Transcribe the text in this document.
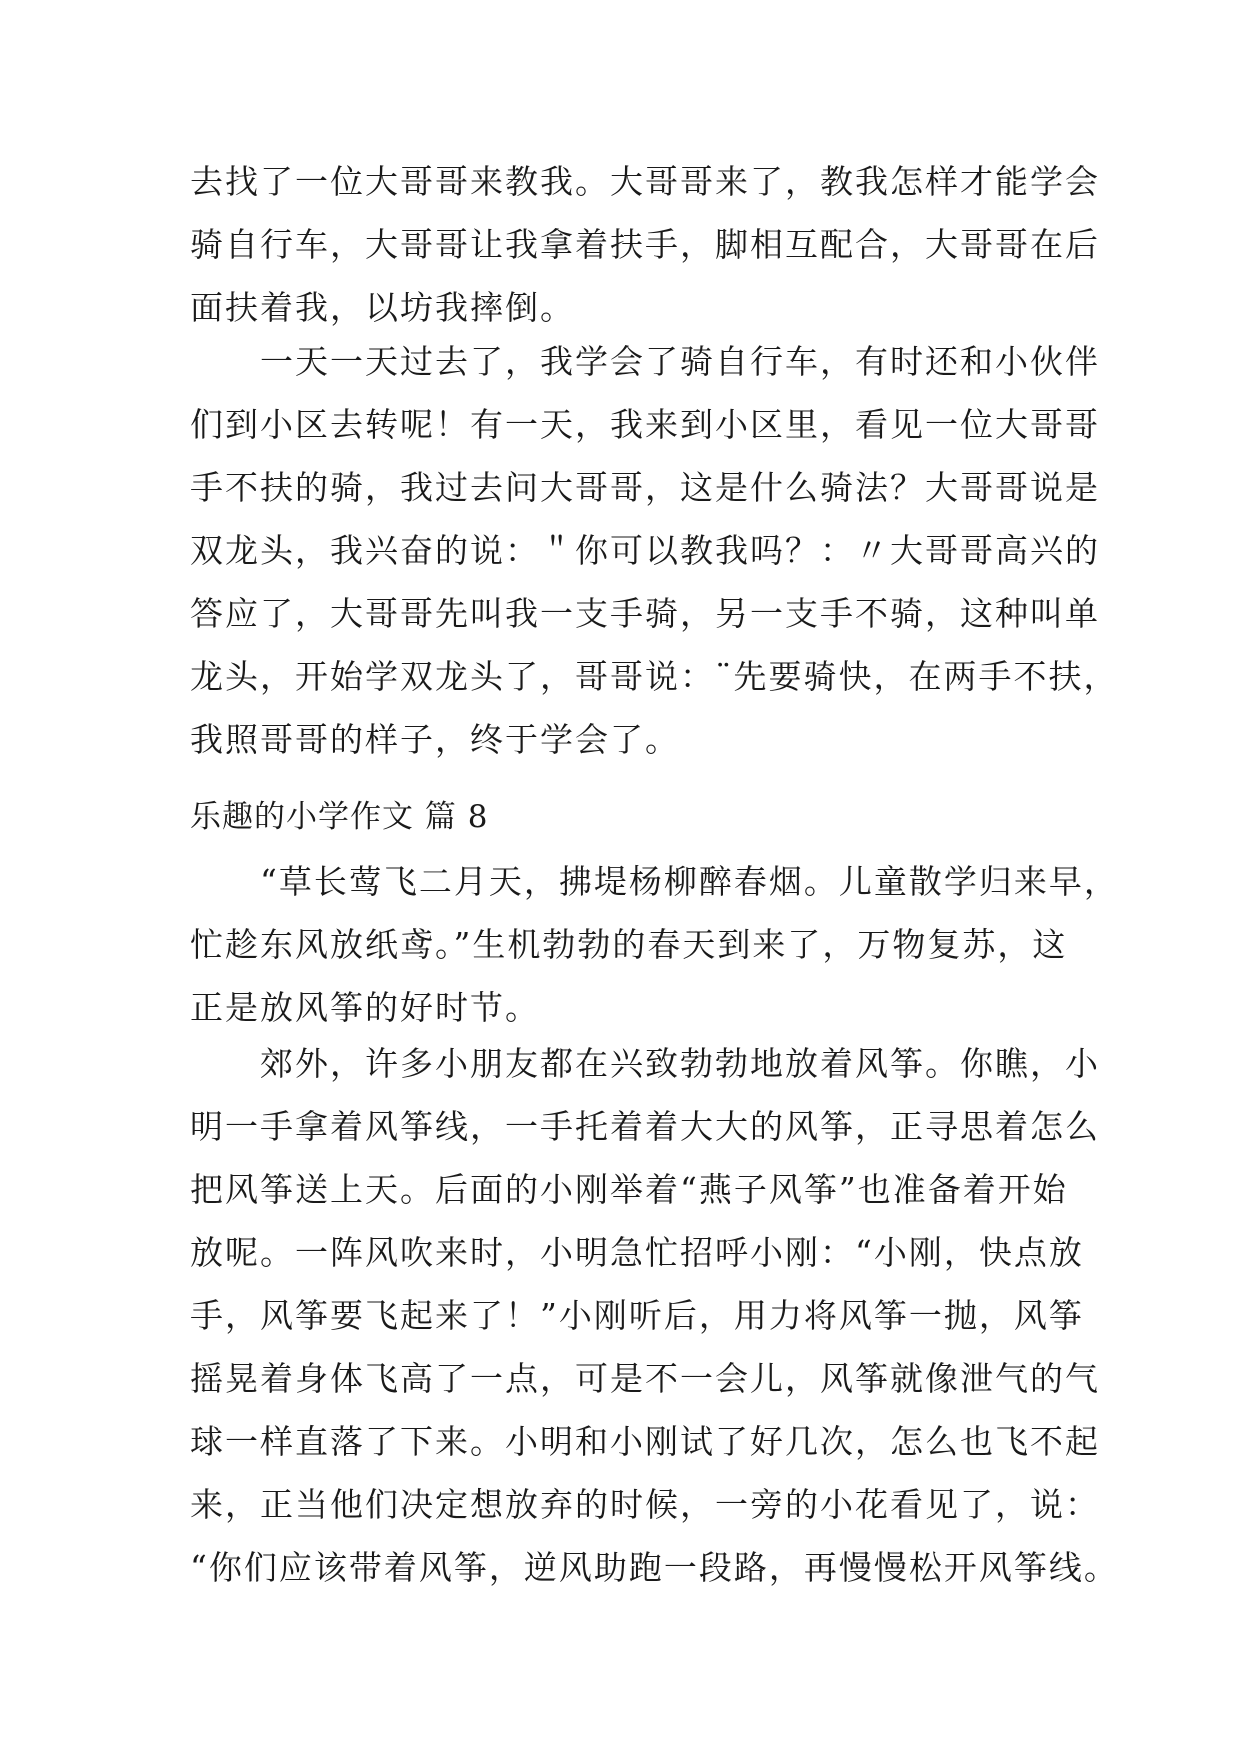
去找了一位大哥哥来教我。大哥哥来了，教我怎样才能学会
骑自行车，大哥哥让我拿着扶手，脚相互配合，大哥哥在后
面扶着我，以坊我摔倒。
　　一天一天过去了，我学会了骑自行车，有时还和小伙伴
们到小区去转呢！有一天，我来到小区里，看见一位大哥哥
手不扶的骑，我过去问大哥哥，这是什么骑法？大哥哥说是
双龙头，我兴奋的说：＂你可以教我吗？：〃大哥哥高兴的
答应了，大哥哥先叫我一支手骑，另一支手不骑，这种叫单
龙头，开始学双龙头了，哥哥说：¨先要骑快，在两手不扶，
我照哥哥的样子，终于学会了。
乐趣的小学作文 篇 8
　　“草长莺飞二月天，拂堤杨柳醉春烟。儿童散学归来早，
忙趁东风放纸鸢。”生机勃勃的春天到来了，万物复苏，这
正是放风筝的好时节。
　　郊外，许多小朋友都在兴致勃勃地放着风筝。你瞧，小
明一手拿着风筝线，一手托着着大大的风筝，正寻思着怎么
把风筝送上天。后面的小刚举着“燕子风筝”也准备着开始
放呢。一阵风吹来时，小明急忙招呼小刚：“小刚，快点放
手，风筝要飞起来了！”小刚听后，用力将风筝一抛，风筝
摇晃着身体飞高了一点，可是不一会儿，风筝就像泄气的气
球一样直落了下来。小明和小刚试了好几次，怎么也飞不起
来，正当他们决定想放弃的时候，一旁的小花看见了，说：
“你们应该带着风筝，逆风助跑一段路，再慢慢松开风筝线。
